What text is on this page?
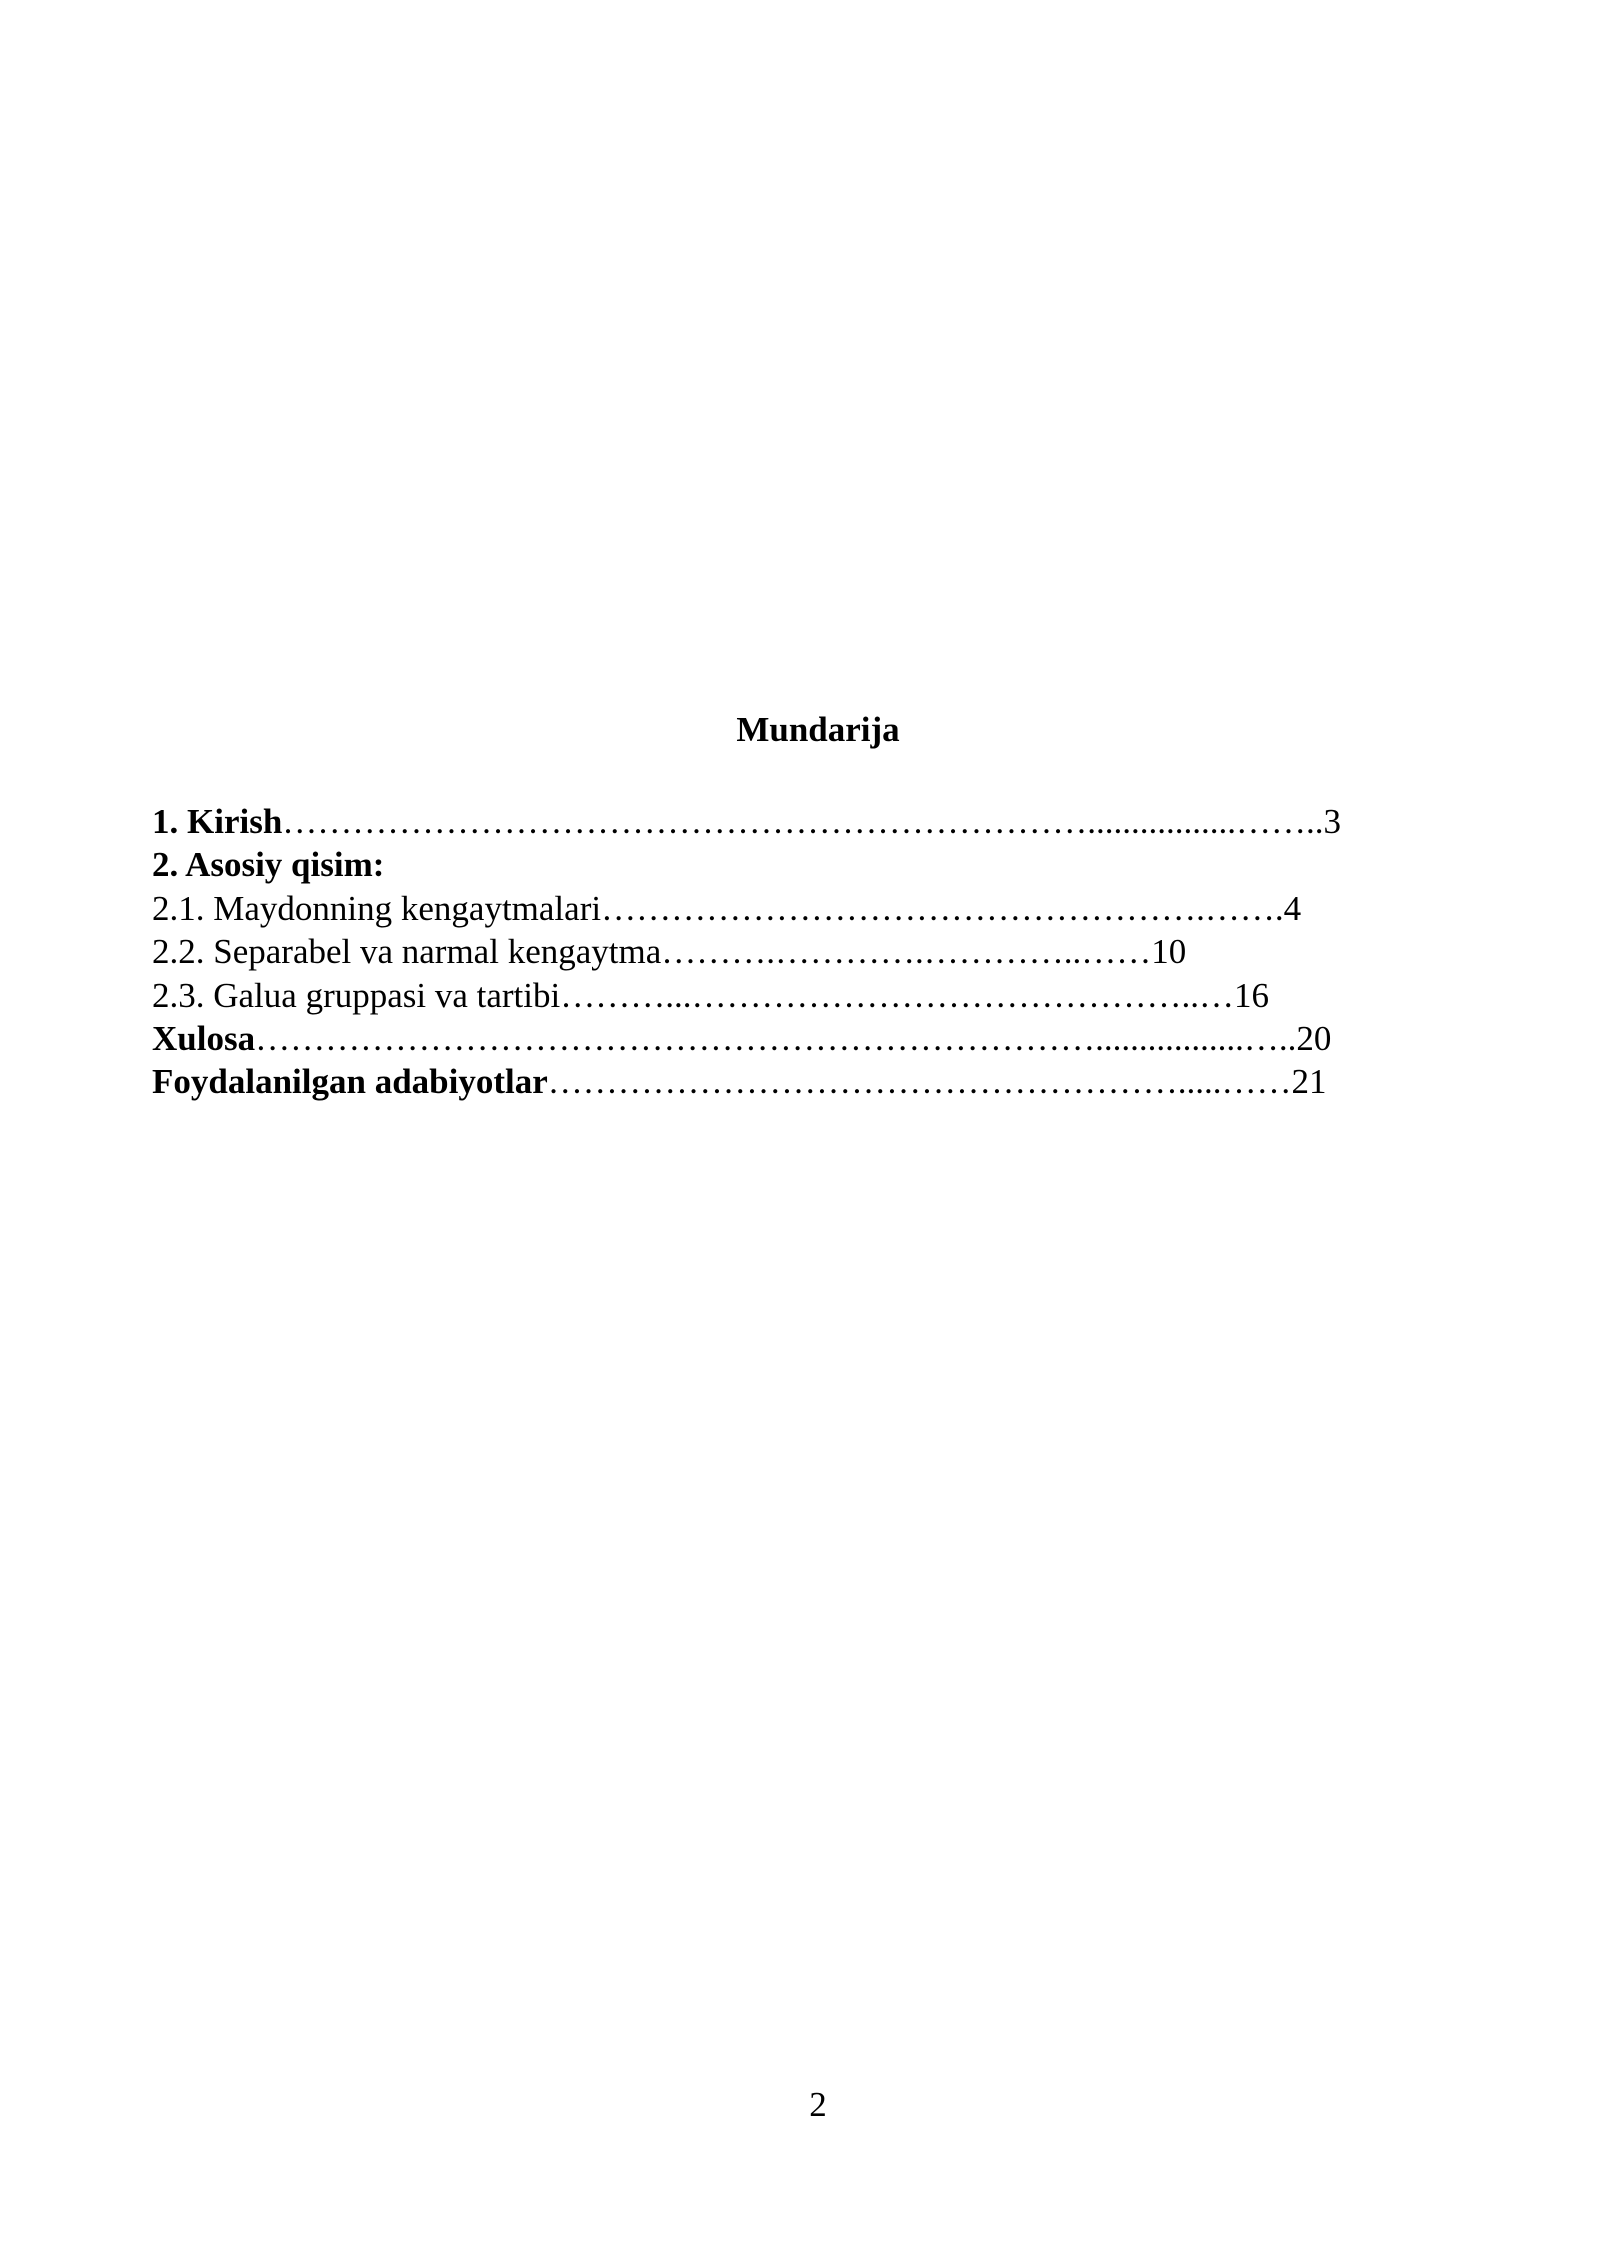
Mundarija
1. Kirish…………………………………………………………….................……..3
2. Asosiy qisim:
2.1. Maydonning kengaytmalari…………………………………………….…….4
2.2. Separabel va narmal kengaytma……….………….…………..……10
2.3. Galua gruppasi va tartibi………...……………………………………..…16
Xulosa……………………………………………………………….................…..20
Foydalanilgan adabiyotlar……………………………………………….....……21
2
